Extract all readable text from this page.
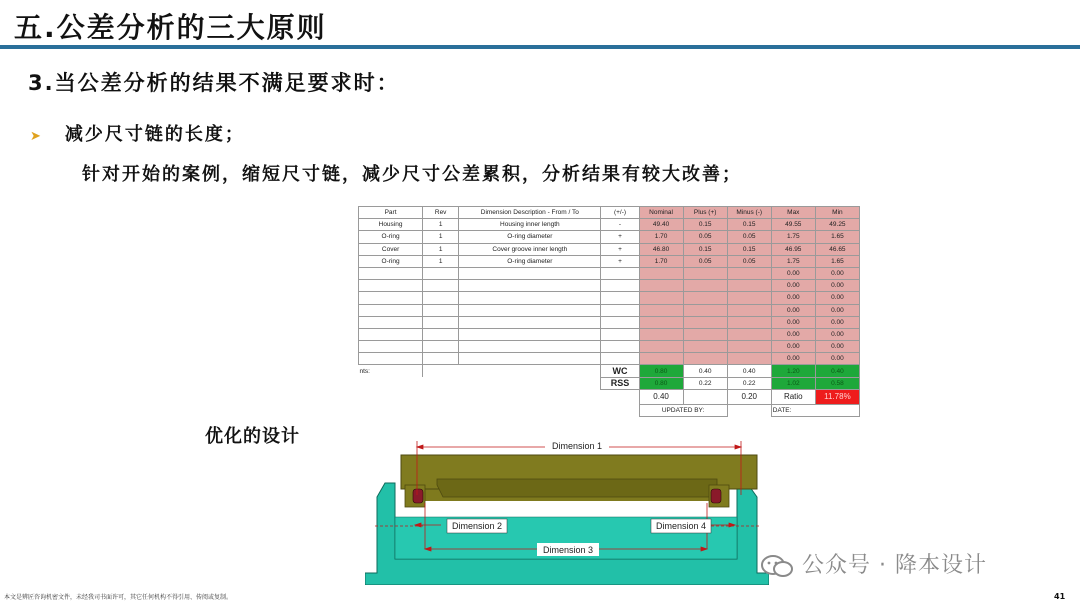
五.公差分析的三大原则
3.当公差分析的结果不满足要求时：
➤ 减少尺寸链的长度；
针对开始的案例，缩短尺寸链，减少尺寸公差累积，分析结果有较大改善；
Part	Rev	Dimension Description - From / To	(+/-)	Nominal	Plus (+)	Minus (-)	Max	Min
Housing	1	Housing inner length	-	49.40	0.15	0.15	49.55	49.25
O-ring	1	O-ring diameter	+	1.70	0.05	0.05	1.75	1.65
Cover	1	Cover groove inner length	+	46.80	0.15	0.15	46.95	46.65
O-ring	1	O-ring diameter	+	1.70	0.05	0.05	1.75	1.65
							0.00	0.00
							0.00	0.00
							0.00	0.00
							0.00	0.00
							0.00	0.00
							0.00	0.00
							0.00	0.00
							0.00	0.00
nts:			WC	0.80	0.40	0.40	1.20	0.40
			RSS	0.80	0.22	0.22	1.02	0.58
				0.40		0.20	Ratio	11.78%
				UPDATED BY:			DATE:	
优化的设计	Dimension 1
Dimension 2	Dimension 4
Dimension 3
本文是辨匠咨询机密文件，未经我司书面许可，其它任何机构不得引用、传阅或复制。	41
公众号 · 降本设计
